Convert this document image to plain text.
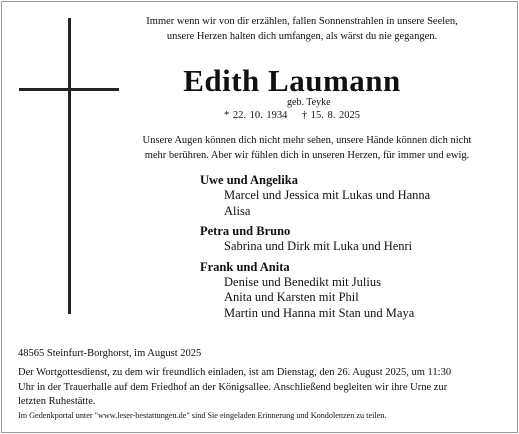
Immer wenn wir von dir erzählen, fallen Sonnenstrahlen in unsere Seelen,
unsere Herzen halten dich umfangen, als wärst du nie gegangen.
Edith Laumann
geb. Teyke
* 22. 10. 1934    † 15. 8. 2025
Unsere Augen können dich nicht mehr sehen, unsere Hände können dich nicht
mehr berühren. Aber wir fühlen dich in unseren Herzen, für immer und ewig.
Uwe und Angelika
Marcel und Jessica mit Lukas und Hanna
Alisa
Petra und Bruno
Sabrina und Dirk mit Luka und Henri
Frank und Anita
Denise und Benedikt mit Julius
Anita und Karsten mit Phil
Martin und Hanna mit Stan und Maya
48565 Steinfurt-Borghorst, im August 2025
Der Wortgottesdienst, zu dem wir freundlich einladen, ist am Dienstag, den 26. August 2025, um 11:30
Uhr in der Trauerhalle auf dem Friedhof an der Königsallee. Anschließend begleiten wir ihre Urne zur
letzten Ruhestätte.
Im Gedenkportal unter "www.leser-bestattungen.de" sind Sie eingeladen Erinnerung und Kondolenzen zu teilen.
